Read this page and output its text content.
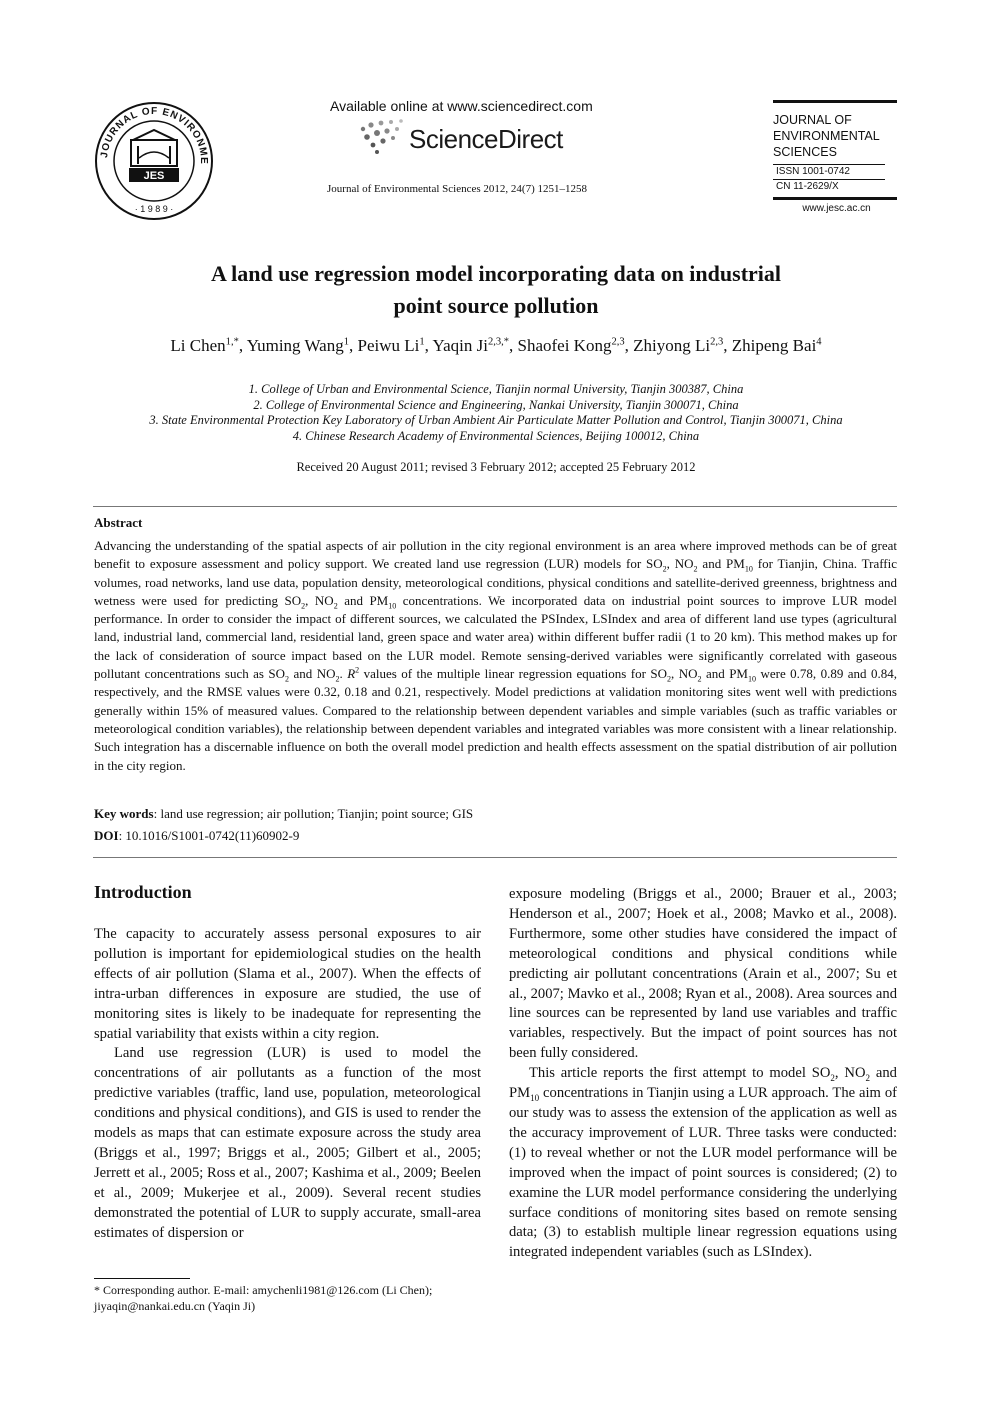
JOURNAL OF ENVIRONME
JES
· 1 9 8 9 ·
Available online at www.sciencedirect.com
ScienceDirect
Journal of Environmental Sciences 2012, 24(7) 1251–1258
JOURNAL OF
ENVIRONMENTAL
SCIENCES
ISSN 1001-0742
CN 11-2629/X
www.jesc.ac.cn
A land use regression model incorporating data on industrial
point source pollution
Li Chen$^{1,*}$, Yuming Wang$^1$, Peiwu Li$^1$, Yaqin $Ji^{2,3,*}$, Shaofei Kong$^{2,3}$, Zhiyong Li$^{2,3}$, Zhipeng Bai$^4$
1. College of Urban and Environmental Science, Tianjin normal University, Tianjin 300387, China
2. College of Environmental Science and Engineering, Nankai University, Tianjin 300071, China
3. State Environmental Protection Key Laboratory of Urban Ambient Air Particulate Matter Pollution and Control, Tianjin 300071, China
4. Chinese Research Academy of Environmental Sciences, Beijing 100012, China
Received 20 August 2011; revised 3 February 2012; accepted 25 February 2012
Abstract
Advancing the understanding of the spatial aspects of air pollution in the city regional environment is an area where improved methods can be of great benefit to exposure assessment and policy support. We created land use regression (LUR) models for $SO_2$, $NO_2$ and $PM_{10}$ for Tianjin, China. Traffic volumes, road networks, land use data, population density, meteorological conditions, physical conditions and satellite-derived greenness, brightness and wetness were used for predicting $SO_2$, $NO_2$ and $PM_{10}$ concentrations. We incorporated data on industrial point sources to improve LUR model performance. In order to consider the impact of different sources, we calculated the PSIndex, LSIndex and area of different land use types (agricultural land, industrial land, commercial land, residential land, green space and water area) within different buffer radii (1 to 20 km). This method makes up for the lack of consideration of source impact based on the LUR model. Remote sensing-derived variables were significantly correlated with gaseous pollutant concentrations such as $SO_2$ and $NO_2$. $R^2$ values of the multiple linear regression equations for $SO_2$, $NO_2$ and $PM_{10}$ were 0.78, 0.89 and 0.84, respectively, and the RMSE values were 0.32, 0.18 and 0.21, respectively. Model predictions at validation monitoring sites went well with predictions generally within 15% of measured values. Compared to the relationship between dependent variables and simple variables (such as traffic variables or meteorological condition variables), the relationship between dependent variables and integrated variables was more consistent with a linear relationship. Such integration has a discernable influence on both the overall model prediction and health effects assessment on the spatial distribution of air pollution in the city region.
Key words: land use regression; air pollution; Tianjin; point source; GIS
DOI: 10.1016/S1001-0742(11)60902-9
Introduction

The capacity to accurately assess personal exposures to air pollution is important for epidemiological studies on the health effects of air pollution (Slama et al., 2007). When the effects of intra-urban differences in exposure are studied, the use of monitoring sites is likely to be inadequate for representing the spatial variability that exists within a city region.

Land use regression (LUR) is used to model the concentrations of air pollutants as a function of the most predictive variables (traffic, land use, population, meteorological conditions and physical conditions), and GIS is used to render the models as maps that can estimate exposure across the study area (Briggs et al., 1997; Briggs et al., 2005; Gilbert et al., 2005; Jerrett et al., 2005; Ross et al., 2007; Kashima et al., 2009; Beelen et al., 2009; Mukerjee et al., 2009). Several recent studies demonstrated the potential of LUR to supply accurate, small-area estimates of dispersion or

exposure modeling (Briggs et al., 2000; Brauer et al., 2003; Henderson et al., 2007; Hoek et al., 2008; Mavko et al., 2008). Furthermore, some other studies have considered the impact of meteorological conditions and physical conditions while predicting air pollutant concentrations (Arain et al., 2007; Su et al., 2007; Mavko et al., 2008; Ryan et al., 2008). Area sources and line sources can be represented by land use variables and traffic variables, respectively. But the impact of point sources has not been fully considered.

This article reports the first attempt to model $SO_2$, $NO_2$ and $PM_{10}$ concentrations in Tianjin using a LUR approach. The aim of our study was to assess the extension of the application as well as the accuracy improvement of LUR. Three tasks were conducted: (1) to reveal whether or not the LUR model performance will be improved when the impact of point sources is considered; (2) to examine the LUR model performance considering the underlying surface conditions of monitoring sites based on remote sensing data; (3) to establish multiple linear regression equations using integrated independent variables (such as LSIndex).

* Corresponding author. E-mail: amychenli1981@126.com (Li Chen); jiyaqin@nankai.edu.cn (Yaqin Ji)
